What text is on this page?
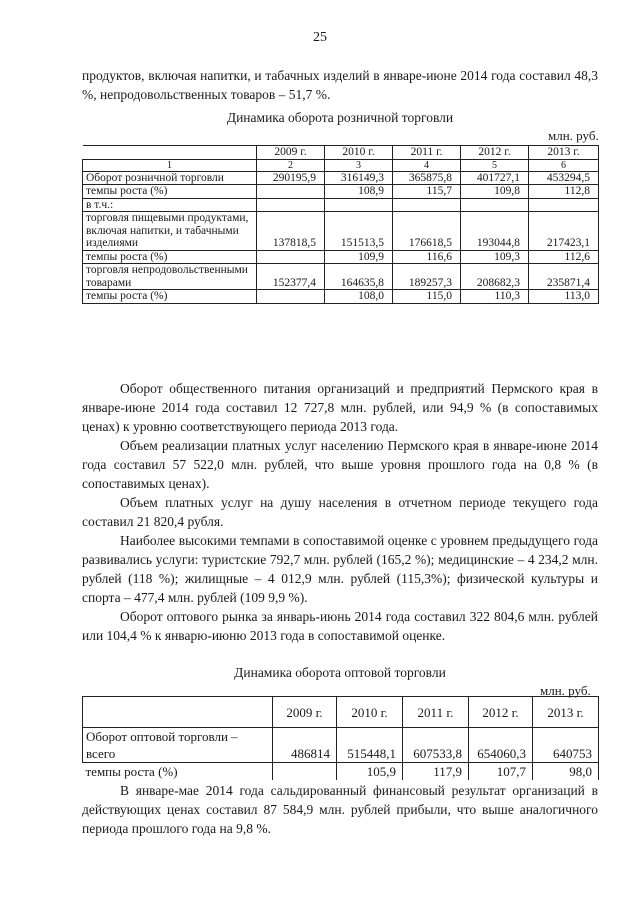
25
продуктов, включая напитки, и табачных изделий в январе-июне 2014 года составил 48,3 %, непродовольственных товаров – 51,7 %.
Динамика оборота розничной торговли
млн. руб.
	2009 г.	2010 г.	2011 г.	2012 г.	2013 г.
1	2	3	4	5	6
Оборот розничной торговли	290195,9	316149,3	365875,8	401727,1	453294,5
темпы роста (%)		108,9	115,7	109,8	112,8
в т.ч.:					
торговля пищевыми продуктами, включая напитки, и табачными изделиями	137818,5	151513,5	176618,5	193044,8	217423,1
темпы роста (%)		109,9	116,6	109,3	112,6
торговля непродовольственными товарами	152377,4	164635,8	189257,3	208682,3	235871,4
темпы роста (%)		108,0	115,0	110,3	113,0
Оборот общественного питания организаций и предприятий Пермского края в январе-июне 2014 года составил 12 727,8 млн. рублей, или 94,9 % (в сопоставимых ценах) к уровню соответствующего периода 2013 года.
Объем реализации платных услуг населению Пермского края в январе-июне 2014 года составил 57 522,0 млн. рублей, что выше уровня прошлого года на 0,8 % (в сопоставимых ценах).
Объем платных услуг на душу населения в отчетном периоде текущего года составил 21 820,4 рубля.
Наиболее высокими темпами в сопоставимой оценке с уровнем предыдущего года развивались услуги: туристские 792,7 млн. рублей (165,2 %); медицинские – 4 234,2 млн. рублей (118 %); жилищные – 4 012,9 млн. рублей (115,3%); физической культуры и спорта – 477,4 млн. рублей (109 9,9 %).
Оборот оптового рынка за январь-июнь 2014 года составил 322 804,6 млн. рублей или 104,4 % к январю-июню 2013 года в сопоставимой оценке.
Динамика оборота оптовой торговли
млн. руб.
	2009 г.	2010 г.	2011 г.	2012 г.	2013 г.
Оборот оптовой торговли – всего	486814	515448,1	607533,8	654060,3	640753
темпы роста (%)		105,9	117,9	107,7	98,0
В январе-мае 2014 года сальдированный финансовый результат организаций в действующих ценах составил 87 584,9 млн. рублей прибыли, что выше аналогичного периода прошлого года на 9,8 %.
